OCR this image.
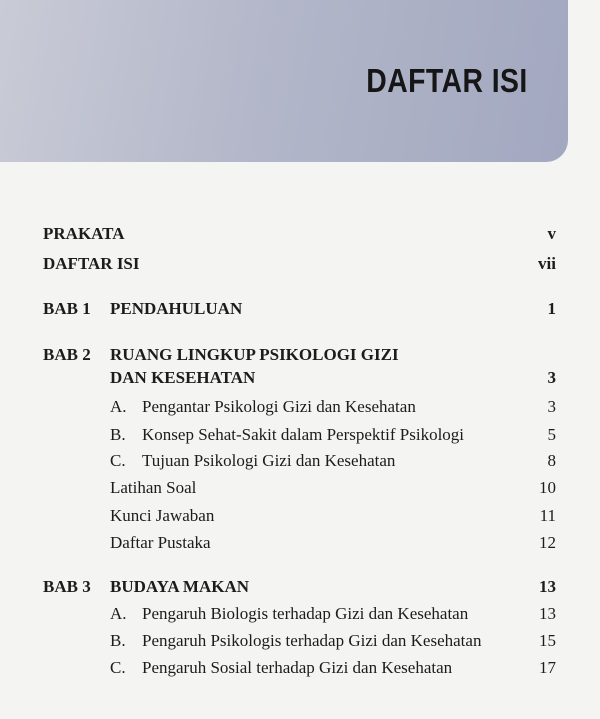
DAFTAR ISI
PRAKATA	v
DAFTAR ISI	vii
BAB 1	PENDAHULUAN	1
BAB 2	RUANG LINGKUP PSIKOLOGI GIZI
DAN KESEHATAN	3
A. Pengantar Psikologi Gizi dan Kesehatan	3
B. Konsep Sehat-Sakit dalam Perspektif Psikologi	5
C. Tujuan Psikologi Gizi dan Kesehatan	8
Latihan Soal	10
Kunci Jawaban	11
Daftar Pustaka	12
BAB 3	BUDAYA MAKAN	13
A. Pengaruh Biologis terhadap Gizi dan Kesehatan	13
B. Pengaruh Psikologis terhadap Gizi dan Kesehatan	15
C. Pengaruh Sosial terhadap Gizi dan Kesehatan	17
